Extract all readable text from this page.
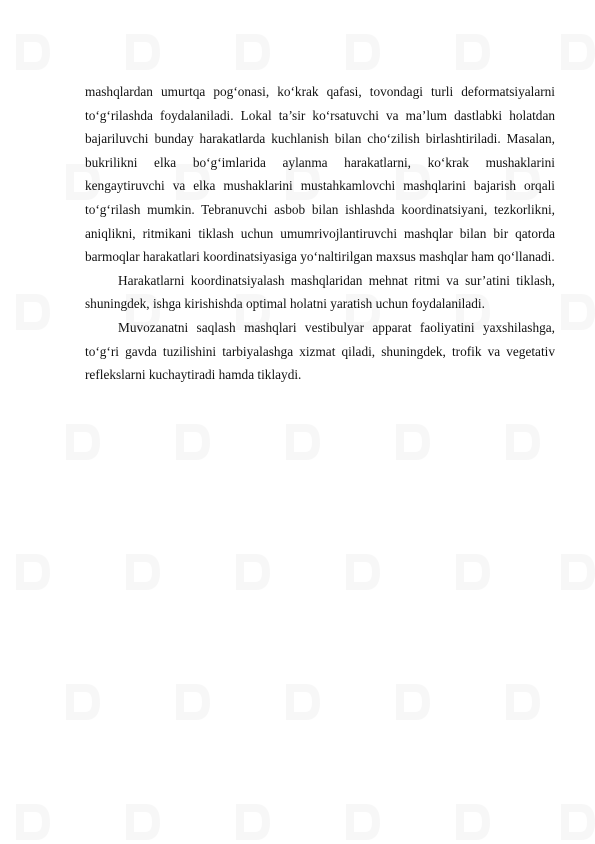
mashqlardan umurtqa pog‘onasi, ko‘krak qafasi, tovondagi turli deformatsiyalarni to‘g‘rilashda foydalaniladi. Lokal ta’sir ko‘rsatuvchi va ma’lum dastlabki holatdan bajariluvchi bunday harakatlarda kuchlanish bilan cho‘zilish birlashtiriladi. Masalan, bukrilikni elka bo‘g‘imlarida aylanma harakatlarni, ko‘krak mushaklarini kengaytiruvchi va elka mushaklarini mustahkamlovchi mashqlarini bajarish orqali to‘g‘rilash mumkin. Tebranuvchi asbob bilan ishlashda koordinatsiyani, tezkorlikni, aniqlikni, ritmikani tiklash uchun umumrivojlantiruvchi mashqlar bilan bir qatorda barmoqlar harakatlari koordinatsiyasiga yo‘naltirilgan maxsus mashqlar ham qo‘llanadi.

Harakatlarni koordinatsiyalash mashqlaridan mehnat ritmi va sur’atini tiklash, shuningdek, ishga kirishishda optimal holatni yaratish uchun foydalaniladi.

Muvozanatni saqlash mashqlari vestibulyar apparat faoliyatini yaxshilashga, to‘g‘ri gavda tuzilishini tarbiyalashga xizmat qiladi, shuningdek, trofik va vegetativ reflekslarni kuchaytiradi hamda tiklaydi.
